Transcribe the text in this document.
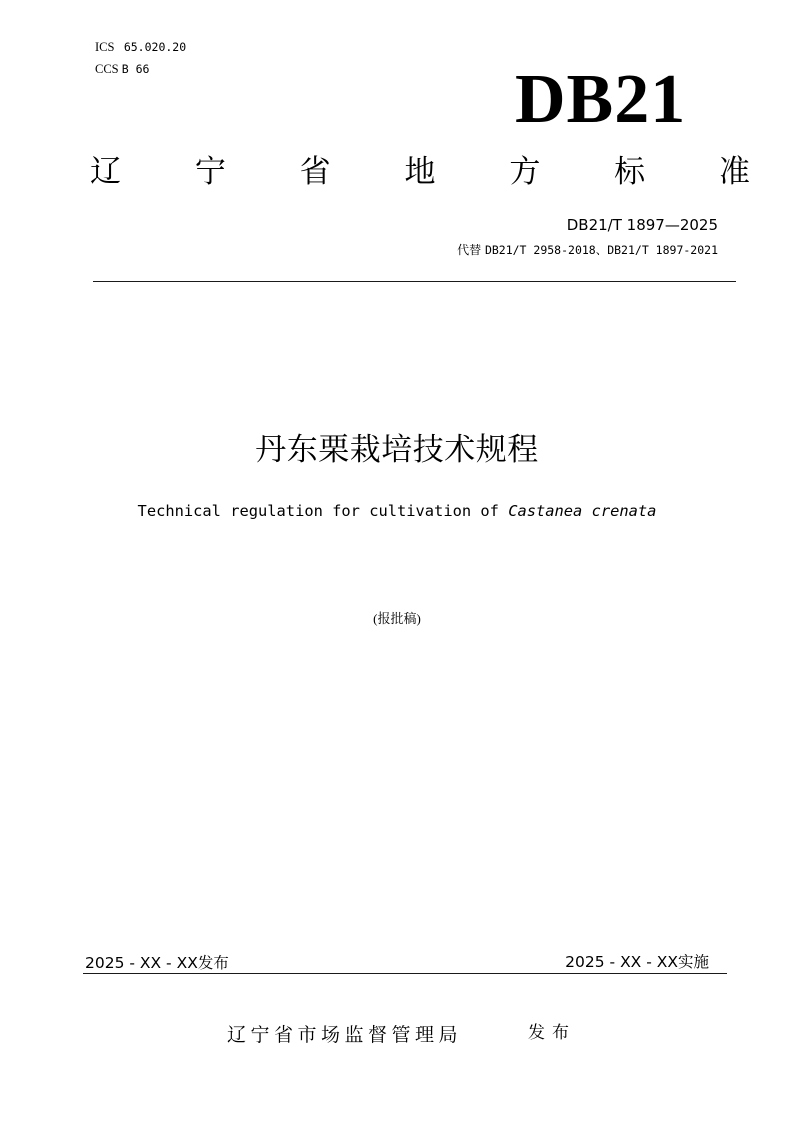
ICS 65.020.20
CCS B 66	DB21
辽 宁 省 地 方 标 准
DB21/T 1897—2025
代替 DB21/T 2958-2018、DB21/T 1897-2021
丹东栗栽培技术规程
Technical regulation for cultivation of Castanea crenata
(报批稿)
2025 - XX - XX发布	2025 - XX - XX实施
辽宁省市场监督管理局	发布
